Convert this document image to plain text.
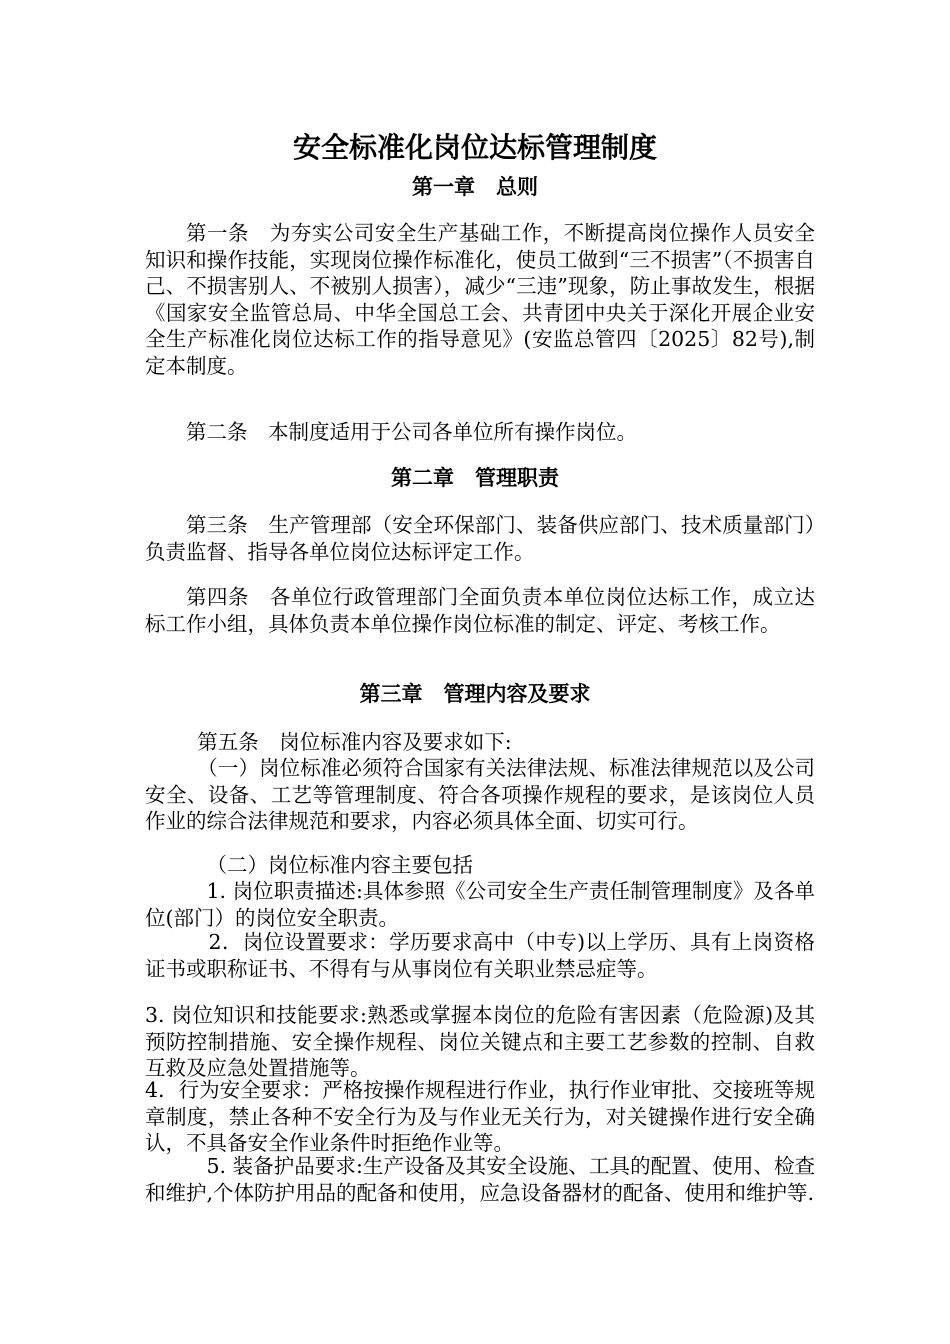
安全标准化岗位达标管理制度
第一章　总则
第一条　为夯实公司安全生产基础工作，不断提高岗位操作人员安全知识和操作技能，实现岗位操作标准化，使员工做到“三不损害”（不损害自己、不损害别人、不被别人损害），减少“三违”现象，防止事故发生，根据《国家安全监管总局、中华全国总工会、共青团中央关于深化开展企业安全生产标准化岗位达标工作的指导意见》(安监总管四〔2025〕82号),制定本制度。
第二条　本制度适用于公司各单位所有操作岗位。
第二章　管理职责
第三条　生产管理部（安全环保部门、装备供应部门、技术质量部门）负责监督、指导各单位岗位达标评定工作。
第四条　各单位行政管理部门全面负责本单位岗位达标工作，成立达标工作小组，具体负责本单位操作岗位标准的制定、评定、考核工作。
第三章　管理内容及要求
第五条　岗位标准内容及要求如下:
（一）岗位标准必须符合国家有关法律法规、标准法律规范以及公司安全、设备、工艺等管理制度、符合各项操作规程的要求，是该岗位人员作业的综合法律规范和要求，内容必须具体全面、切实可行。
（二）岗位标准内容主要包括
1. 岗位职责描述:具体参照《公司安全生产责任制管理制度》及各单位(部门）的岗位安全职责。
2．岗位设置要求：学历要求高中（中专)以上学历、具有上岗资格证书或职称证书、不得有与从事岗位有关职业禁忌症等。
3. 岗位知识和技能要求:熟悉或掌握本岗位的危险有害因素（危险源)及其预防控制措施、安全操作规程、岗位关键点和主要工艺参数的控制、自救互救及应急处置措施等。
4．行为安全要求：严格按操作规程进行作业，执行作业审批、交接班等规章制度，禁止各种不安全行为及与作业无关行为，对关键操作进行安全确认，不具备安全作业条件时拒绝作业等。
5. 装备护品要求:生产设备及其安全设施、工具的配置、使用、检查和维护,个体防护用品的配备和使用，应急设备器材的配备、使用和维护等.
